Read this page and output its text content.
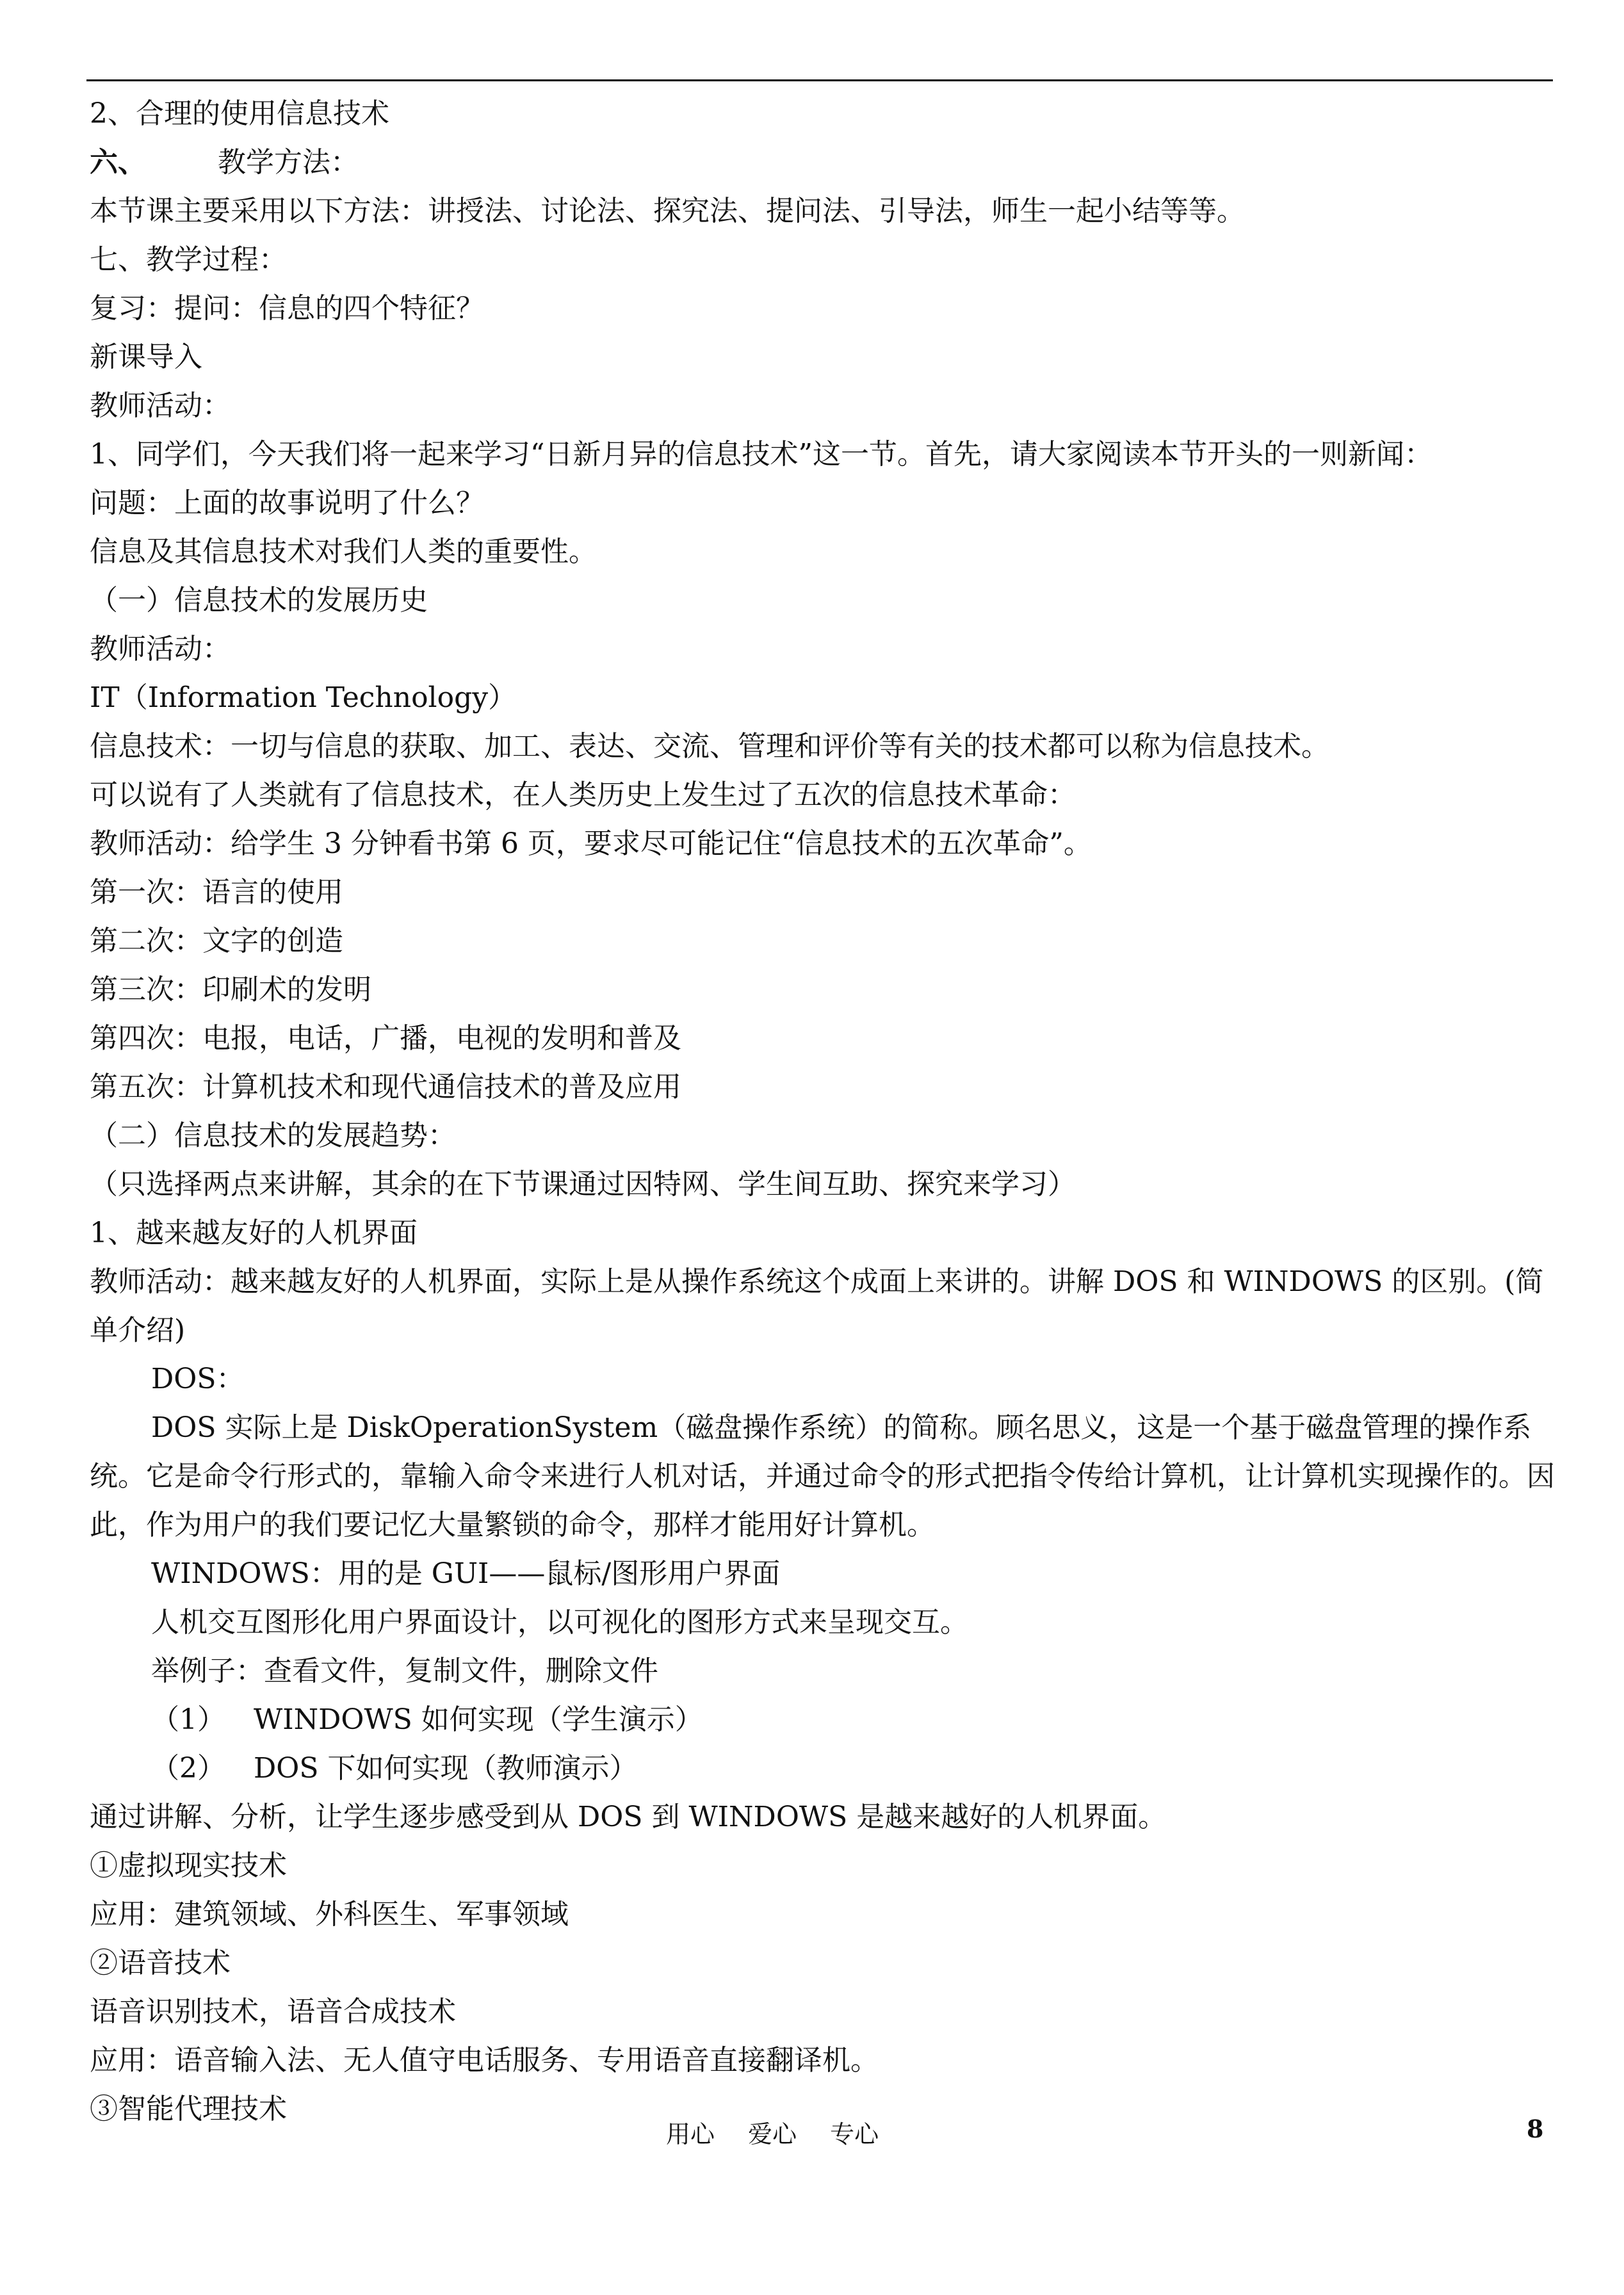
2、合理的使用信息技术
六、	教学方法：
本节课主要采用以下方法：讲授法、讨论法、探究法、提问法、引导法，师生一起小结等等。
七、教学过程：
复习：提问：信息的四个特征？
新课导入
教师活动：
1、同学们，今天我们将一起来学习“日新月异的信息技术”这一节。首先，请大家阅读本节开头的一则新闻：
问题：上面的故事说明了什么？
信息及其信息技术对我们人类的重要性。
（一）信息技术的发展历史
教师活动：
IT（Information Technology）
信息技术：一切与信息的获取、加工、表达、交流、管理和评价等有关的技术都可以称为信息技术。
可以说有了人类就有了信息技术，在人类历史上发生过了五次的信息技术革命：
教师活动：给学生 3 分钟看书第 6 页，要求尽可能记住“信息技术的五次革命”。
第一次：语言的使用
第二次：文字的创造
第三次：印刷术的发明
第四次：电报，电话，广播，电视的发明和普及
第五次：计算机技术和现代通信技术的普及应用
（二）信息技术的发展趋势：
（只选择两点来讲解，其余的在下节课通过因特网、学生间互助、探究来学习）
1、越来越友好的人机界面
教师活动：越来越友好的人机界面，实际上是从操作系统这个成面上来讲的。讲解 DOS 和 WINDOWS 的区别。(简单介绍)
DOS：
DOS 实际上是 DiskOperationSystem（磁盘操作系统）的简称。顾名思义，这是一个基于磁盘管理的操作系统。它是命令行形式的，靠输入命令来进行人机对话，并通过命令的形式把指令传给计算机，让计算机实现操作的。因此，作为用户的我们要记忆大量繁锁的命令，那样才能用好计算机。
WINDOWS：用的是 GUI——鼠标/图形用户界面
人机交互图形化用户界面设计，以可视化的图形方式来呈现交互。
举例子：查看文件，复制文件，删除文件
（1） WINDOWS 如何实现（学生演示）
（2） DOS 下如何实现（教师演示）
通过讲解、分析，让学生逐步感受到从 DOS 到 WINDOWS 是越来越好的人机界面。
①虚拟现实技术
应用：建筑领域、外科医生、军事领域
②语音技术
语音识别技术，语音合成技术
应用：语音输入法、无人值守电话服务、专用语音直接翻译机。
③智能代理技术
用心 爱心 专心	8
